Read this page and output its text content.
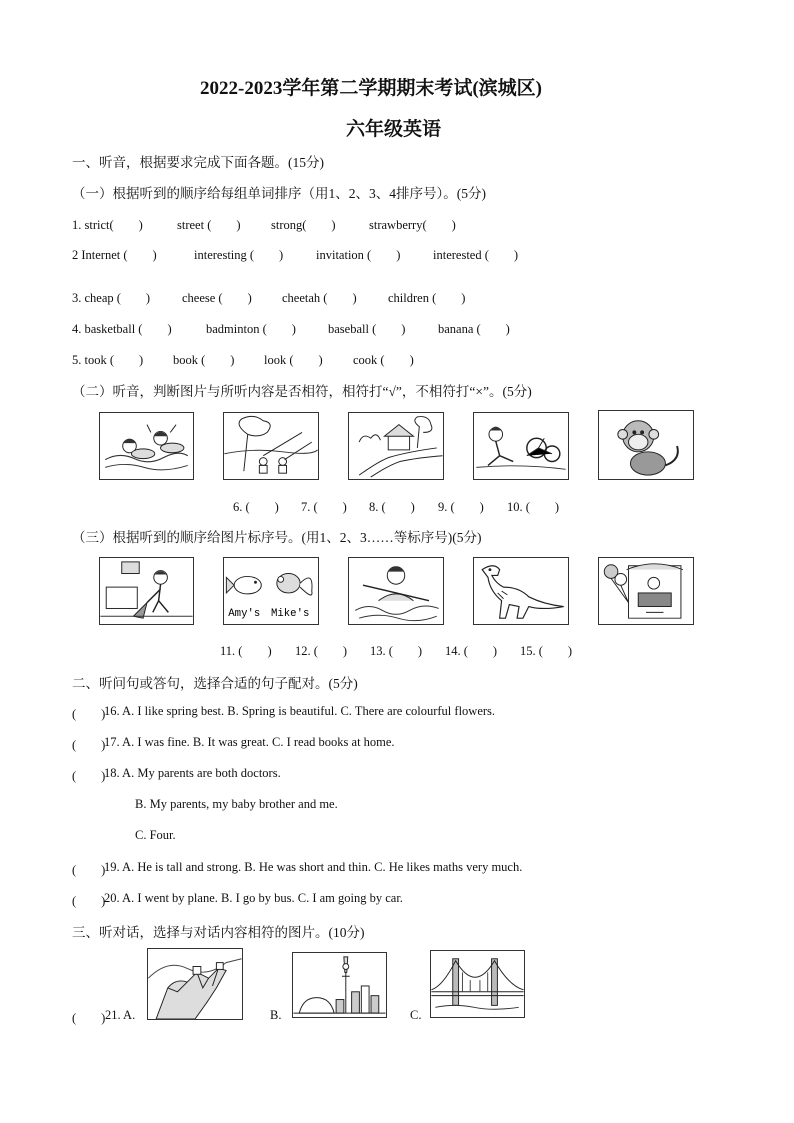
2022-2023学年第二学期期末考试(滨城区)
六年级英语
一、听音，根据要求完成下面各题。(15分)
（一）根据听到的顺序给每组单词排序（用1、2、3、4排序号）。(5分)
1. strict(　　)	street (　　) strong(　　)	strawberry(　　)
2 Internet (　　)	interesting (　　)	invitation (　　)	interested (　　)
3. cheap (　　)	cheese (　　) cheetah (　　)	children (　　)
4. basketball (　　)	badminton (　　)	baseball (　　)	banana (　　)
5. took (　　) book (　　) look (　　) cook (　　)
（二）听音，判断图片与所听内容是否相符，相符打“√”，不相符打“×”。(5分)
6. (　　) 7. (　　) 8. (　　) 9. (　　) 10. (　　)
（三）根据听到的顺序给图片标序号。(用1、2、3……等标序号)(5分)
Amy's Mike's
11. (　　) 12. (　　) 13. (　　) 14. (　　) 15. (　　)
二、听问句或答句，选择合适的句子配对。(5分)
(　　)
16. A. I like spring best. B. Spring is beautiful. C. There are colourful flowers.
(　　)
17. A. I was fine. B. It was great. C. I read books at home.
(　　)
18. A. My parents are both doctors.
B. My parents, my baby brother and me.
C. Four.
(　　)
19. A. He is tall and strong. B. He was short and thin. C. He likes maths very much.
(　　)
20. A. I went by plane. B. I go by bus. C. I am going by car.
三、听对话，选择与对话内容相符的图片。(10分)
(　　) 21. A.	B.	C.
